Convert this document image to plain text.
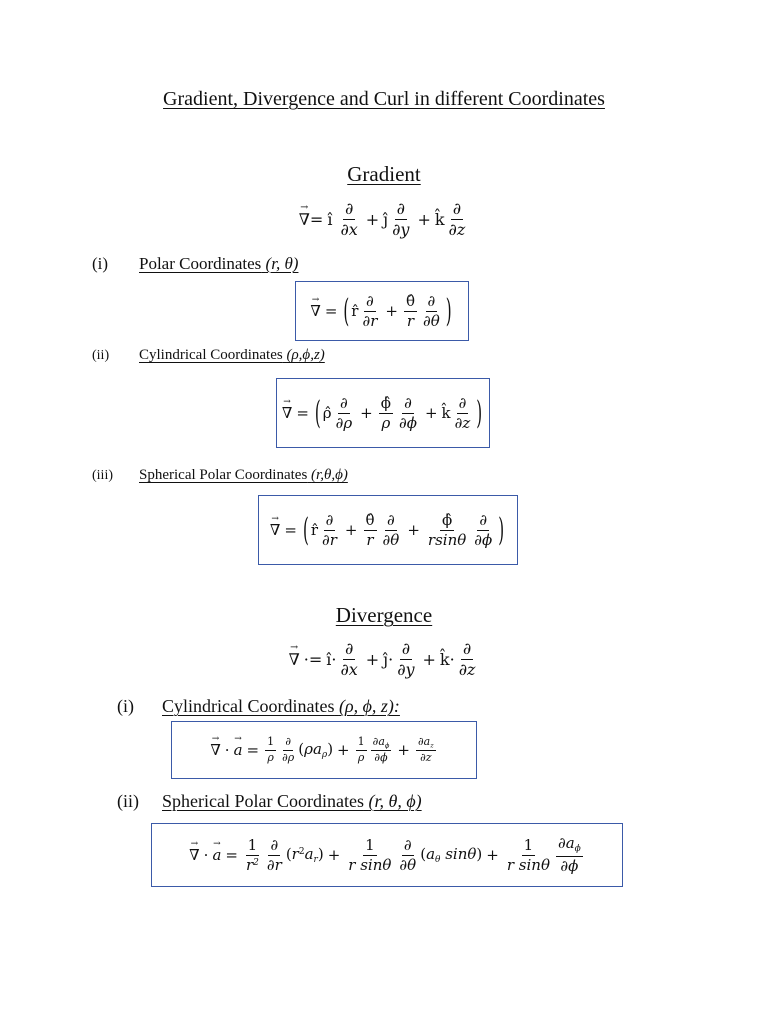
Gradient, Divergence and Curl in different Coordinates
Gradient
→ ∇ = î $\frac{\partial}{\partial x}$ + ĵ $\frac{\partial}{\partial y}$ + k̂ $\frac{\partial}{\partial z}$
(i) Polar Coordinates (r, θ)
→ ∇ = ( r̂ $\frac{\partial}{\partial r} + \frac{\thetâ}{r} \frac{\partial}{\partial\theta}$ )
(ii) Cylindrical Coordinates (ρ,ϕ,z)
→ ∇ = ( ρ̂ $\frac{\partial}{\partial\rho} + \frac{\phî}{\rho} \frac{\partial}{\partial\phi}$ + k̂ $\frac{\partial}{\partial z}$ )
(iii) Spherical Polar Coordinates (r,θ,ϕ)
→ ∇ = ( r̂ $\frac{\partial}{\partial r} + \frac{\thetâ}{r} \frac{\partial}{\partial\theta} + \frac{\phî}{rsin\theta} \frac{\partial}{\partial\phi}$ )
Divergence
→ ∇ ·= î· $\frac{\partial}{\partial x}$ + ĵ· $\frac{\partial}{\partial y}$ + k̂· $\frac{\partial}{\partial z}$
(i) Cylindrical Coordinates (ρ, ϕ, z):
→ ∇ · → $a = \frac{1}{\rho} \frac{\partial}{\partial\rho} (\rho a_\rho) + \frac{1}{\rho} \frac{\partial a_\phi}{\partial\phi} + \frac{\partial a_z}{\partial z}$
(ii) Spherical Polar Coordinates (r, θ, ϕ)
→ ∇ · → $a = \frac{1}{r^2} \frac{\partial}{\partial r} (r^2a_r) + \frac{1}{\text{r sinθ}} \frac{\partial}{\partial\theta} (a_\theta$ $\sin\theta) + \frac{1}{\text{r sinθ}} \frac{\partial a_\phi}{\partial\phi}$
